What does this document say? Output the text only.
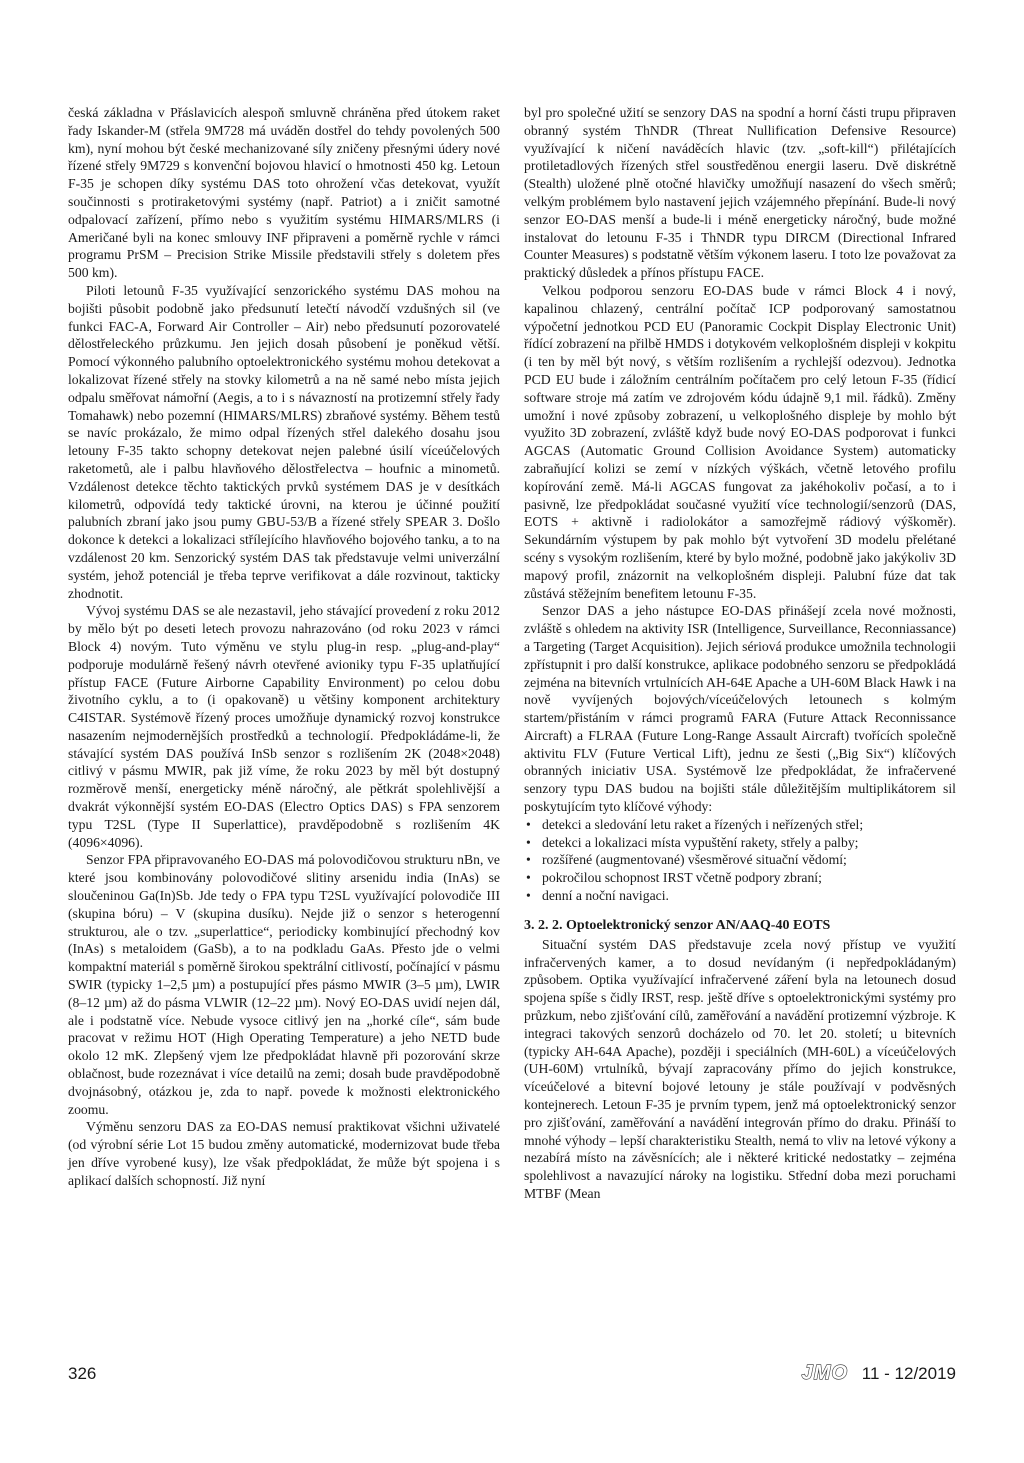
česká základna v Přáslavicích alespoň smluvně chráněna před útokem raket řady Iskander-M (střela 9M728 má uváděn dostřel do tehdy povolených 500 km), nyní mohou být české mechanizované síly zničeny přesnými údery nové řízené střely 9M729 s konvenční bojovou hlavicí o hmotnosti 450 kg. Letoun F-35 je schopen díky systému DAS toto ohrožení včas detekovat, využít součinnosti s protiraketovými systémy (např. Patriot) a i zničit samotné odpalovací zařízení, přímo nebo s využitím systému HIMARS/MLRS (i Američané byli na konec smlouvy INF připraveni a poměrně rychle v rámci programu PrSM – Precision Strike Missile představili střely s doletem přes 500 km).

Piloti letounů F-35 využívající senzorického systému DAS mohou na bojišti působit podobně jako předsunutí letečtí návodčí vzdušných sil (ve funkci FAC-A, Forward Air Controller – Air) nebo předsunutí pozorovatelé dělostřeleckého průzkumu. Jen jejich dosah působení je poněkud větší. Pomocí výkonného palubního optoelektronického systému mohou detekovat a lokalizovat řízené střely na stovky kilometrů a na ně samé nebo místa jejich odpalu směřovat námořní (Aegis, a to i s návazností na protizemní střely řady Tomahawk) nebo pozemní (HIMARS/MLRS) zbraňové systémy. Během testů se navíc prokázalo, že mimo odpal řízených střel dalekého dosahu jsou letouny F-35 takto schopny detekovat nejen palebné úsilí víceúčelových raketometů, ale i palbu hlavňového dělostřelectva – houfnic a minometů. Vzdálenost detekce těchto taktických prvků systémem DAS je v desítkách kilometrů, odpovídá tedy taktické úrovni, na kterou je účinné použití palubních zbraní jako jsou pumy GBU-53/B a řízené střely SPEAR 3. Došlo dokonce k detekci a lokalizaci střílejícího hlavňového bojového tanku, a to na vzdálenost 20 km. Senzorický systém DAS tak představuje velmi univerzální systém, jehož potenciál je třeba teprve verifikovat a dále rozvinout, takticky zhodnotit.

Vývoj systému DAS se ale nezastavil, jeho stávající provedení z roku 2012 by mělo být po deseti letech provozu nahrazováno (od roku 2023 v rámci Block 4) novým. Tuto výměnu ve stylu plug-in resp. „plug-and-play“ podporuje modulárně řešený návrh otevřené avioniky typu F-35 uplatňující přístup FACE (Future Airborne Capability Environment) po celou dobu životního cyklu, a to (i opakovaně) u většiny komponent architektury C4ISTAR. Systémově řízený proces umožňuje dynamický rozvoj konstrukce nasazením nejmodernějších prostředků a technologií. Předpokládáme-li, že stávající systém DAS používá InSb senzor s rozlišením 2K (2048×2048) citlivý v pásmu MWIR, pak již víme, že roku 2023 by měl být dostupný rozměrově menší, energeticky méně náročný, ale pětkrát spolehlivější a dvakrát výkonnější systém EO-DAS (Electro Optics DAS) s FPA senzorem typu T2SL (Type II Superlattice), pravděpodobně s rozlišením 4K (4096×4096).

Senzor FPA připravovaného EO-DAS má polovodičovou strukturu nBn, ve které jsou kombinovány polovodičové slitiny arsenidu india (InAs) se sloučeninou Ga(In)Sb. Jde tedy o FPA typu T2SL využívající polovodiče III (skupina bóru) – V (skupina dusíku). Nejde již o senzor s heterogenní strukturou, ale o tzv. „superlattice“, periodicky kombinující přechodný kov (InAs) s metaloidem (GaSb), a to na podkladu GaAs. Přesto jde o velmi kompaktní materiál s poměrně širokou spektrální citlivostí, počínající v pásmu SWIR (typicky 1–2,5 µm) a postupující přes pásmo MWIR (3–5 µm), LWIR (8–12 µm) až do pásma VLWIR (12–22 µm). Nový EO-DAS uvidí nejen dál, ale i podstatně více. Nebude vysoce citlivý jen na „horké cíle“, sám bude pracovat v režimu HOT (High Operating Temperature) a jeho NETD bude okolo 12 mK. Zlepšený vjem lze předpokládat hlavně při pozorování skrze oblačnost, bude rozeznávat i více detailů na zemi; dosah bude pravděpodobně dvojnásobný, otázkou je, zda to např. povede k možnosti elektronického zoomu.

Výměnu senzoru DAS za EO-DAS nemusí praktikovat všichni uživatelé (od výrobní série Lot 15 budou změny automatické, modernizovat bude třeba jen dříve vyrobené kusy), lze však předpokládat, že může být spojena i s aplikací dalších schopností. Již nyní

byl pro společné užití se senzory DAS na spodní a horní části trupu připraven obranný systém ThNDR (Threat Nullification Defensive Resource) využívající k ničení naváděcích hlavic (tzv. „soft-kill“) přilétajících protiletadlových řízených střel soustředěnou energii laseru. Dvě diskrétně (Stealth) uložené plně otočné hlavičky umožňují nasazení do všech směrů; velkým problémem bylo nastavení jejich vzájemného přepínání. Bude-li nový senzor EO-DAS menší a bude-li i méně energeticky náročný, bude možné instalovat do letounu F-35 i ThNDR typu DIRCM (Directional Infrared Counter Measures) s podstatně větším výkonem laseru. I toto lze považovat za praktický důsledek a přínos přístupu FACE.

Velkou podporou senzoru EO-DAS bude v rámci Block 4 i nový, kapalinou chlazený, centrální počítač ICP podporovaný samostatnou výpočetní jednotkou PCD EU (Panoramic Cockpit Display Electronic Unit) řídící zobrazení na přilbě HMDS i dotykovém velkoplošném displeji v kokpitu (i ten by měl být nový, s větším rozlišením a rychlejší odezvou). Jednotka PCD EU bude i záložním centrálním počítačem pro celý letoun F-35 (řídicí software stroje má zatím ve zdrojovém kódu údajně 9,1 mil. řádků). Změny umožní i nové způsoby zobrazení, u velkoplošného displeje by mohlo být využito 3D zobrazení, zvláště když bude nový EO-DAS podporovat i funkci AGCAS (Automatic Ground Collision Avoidance System) automaticky zabraňující kolizi se zemí v nízkých výškách, včetně letového profilu kopírování země. Má-li AGCAS fungovat za jakéhokoliv počasí, a to i pasivně, lze předpokládat současné využití více technologií/senzorů (DAS, EOTS + aktivně i radiolokátor a samozřejmě rádiový výškoměr). Sekundárním výstupem by pak mohlo být vytvoření 3D modelu přelétané scény s vysokým rozlišením, které by bylo možné, podobně jako jakýkoliv 3D mapový profil, znázornit na velkoplošném displeji. Palubní fúze dat tak zůstává stěžejním benefitem letounu F-35.

Senzor DAS a jeho nástupce EO-DAS přinášejí zcela nové možnosti, zvláště s ohledem na aktivity ISR (Intelligence, Surveillance, Reconniassance) a Targeting (Target Acquisition). Jejich sériová produkce umožnila technologii zpřístupnit i pro další konstrukce, aplikace podobného senzoru se předpokládá zejména na bitevních vrtulnících AH-64E Apache a UH-60M Black Hawk i na nově vyvíjených bojových/víceúčelových letounech s kolmým startem/přistáním v rámci programů FARA (Future Attack Reconnissance Aircraft) a FLRAA (Future Long-Range Assault Aircraft) tvořících společně aktivitu FLV (Future Vertical Lift), jednu ze šesti („Big Six“) klíčových obranných iniciativ USA. Systémově lze předpokládat, že infračervené senzory typu DAS budou na bojišti stále důležitějším multiplikátorem sil poskytujícím tyto klíčové výhody:

• detekci a sledování letu raket a řízených i neřízených střel;
• detekci a lokalizaci místa vypuštění rakety, střely a palby;
• rozšířené (augmentované) všesměrové situační vědomí;
• pokročilou schopnost IRST včetně podpory zbraní;
• denní a noční navigaci.
3. 2. 2. Optoelektronický senzor AN/AAQ-40 EOTS

Situační systém DAS představuje zcela nový přístup ve využití infračervených kamer, a to dosud nevídaným (i nepředpokládaným) způsobem. Optika využívající infračervené záření byla na letounech dosud spojena spíše s čidly IRST, resp. ještě dříve s optoelektronickými systémy pro průzkum, nebo zjišťování cílů, zaměřování a navádění protizemní výzbroje. K integraci takových senzorů docházelo od 70. let 20. století; u bitevních (typicky AH-64A Apache), později i speciálních (MH-60L) a víceúčelových (UH-60M) vrtulníků, bývají zapracovány přímo do jejich konstrukce, víceúčelové a bitevní bojové letouny je stále používají v podvěsných kontejnerech. Letoun F-35 je prvním typem, jenž má optoelektronický senzor pro zjišťování, zaměřování a navádění integrován přímo do draku. Přináší to mnohé výhody – lepší charakteristiku Stealth, nemá to vliv na letové výkony a nezabírá místo na závěsnících; ale i některé kritické nedostatky – zejména spolehlivost a navazující nároky na logistiku. Střední doba mezi poruchami MTBF (Mean

326	JMO 11 - 12/2019
